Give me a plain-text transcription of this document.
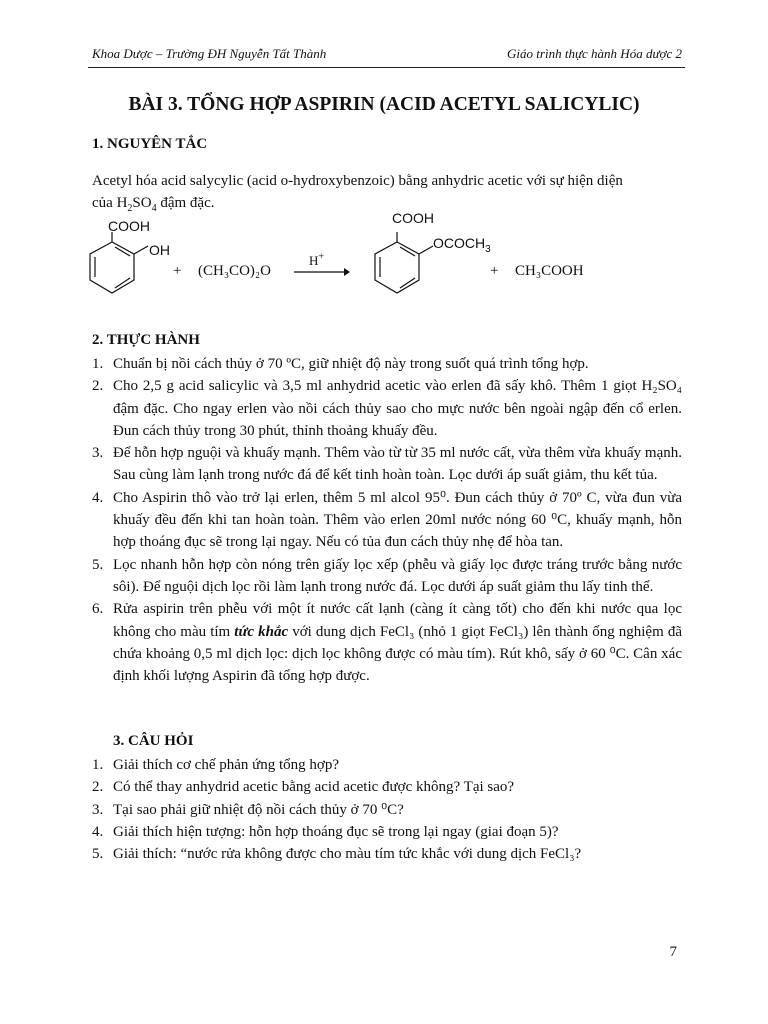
Khoa Dược – Trường ĐH Nguyễn Tất Thành	Giáo trình thực hành Hóa dược 2
BÀI 3. TỔNG HỢP ASPIRIN (ACID ACETYL SALICYLIC)
1. NGUYÊN TẮC
Acetyl hóa acid salycylic (acid o-hydroxybenzoic) bằng anhydric acetic với sự hiện diện
của $H_2SO_4$ đậm đặc.
COOH
OH
+ (CH₃CO)₂O
H+
COOH
$OCOCH_3$
+ CH₃COOH
2. THỰC HÀNH
1. Chuẩn bị nồi cách thủy ở 70 ºC, giữ nhiệt độ này trong suốt quá trình tổng hợp.
2. Cho 2,5 g acid salicylic và 3,5 ml anhydrid acetic vào erlen đã sấy khô. Thêm 1 giọt H₂SO₄ đậm đặc. Cho ngay erlen vào nồi cách thủy sao cho mực nước bên ngoài ngập đến cổ erlen. Đun cách thủy trong 30 phút, thỉnh thoảng khuấy đều.
3. Để hỗn hợp nguội và khuấy mạnh. Thêm vào từ từ 35 ml nước cất, vừa thêm vừa khuấy mạnh. Sau cùng làm lạnh trong nước đá để kết tinh hoàn toàn. Lọc dưới áp suất giảm, thu kết tủa.
4. Cho Aspirin thô vào trở lại erlen, thêm 5 ml alcol 95⁰. Đun cách thủy ở 70º C, vừa đun vừa khuấy đều đến khi tan hoàn toàn. Thêm vào erlen 20ml nước nóng 60 ⁰C, khuấy mạnh, hỗn hợp thoáng đục sẽ trong lại ngay. Nếu có tủa đun cách thủy nhẹ để hòa tan.
5. Lọc nhanh hỗn hợp còn nóng trên giấy lọc xếp (phễu và giấy lọc được tráng trước bằng nước sôi). Để nguội dịch lọc rồi làm lạnh trong nước đá. Lọc dưới áp suất giảm thu lấy tinh thể.
6. Rửa aspirin trên phễu với một ít nước cất lạnh (càng ít càng tốt) cho đến khi nước qua lọc không cho màu tím tức khắc với dung dịch FeCl₃ (nhỏ 1 giọt FeCl₃) lên thành ống nghiệm đã chứa khoảng 0,5 ml dịch lọc: dịch lọc không được có màu tím). Rút khô, sấy ở 60 ⁰C. Cân xác định khối lượng Aspirin đã tổng hợp được.
3. CÂU HỎI
1. Giải thích cơ chế phản ứng tổng hợp?
2. Có thể thay anhydrid acetic bằng acid acetic được không? Tại sao?
3. Tại sao phải giữ nhiệt độ nồi cách thủy ở 70 ⁰C?
4. Giải thích hiện tượng: hỗn hợp thoáng đục sẽ trong lại ngay (giai đoạn 5)?
5. Giải thích: “nước rửa không được cho màu tím tức khắc với dung dịch FeCl₃?
7
